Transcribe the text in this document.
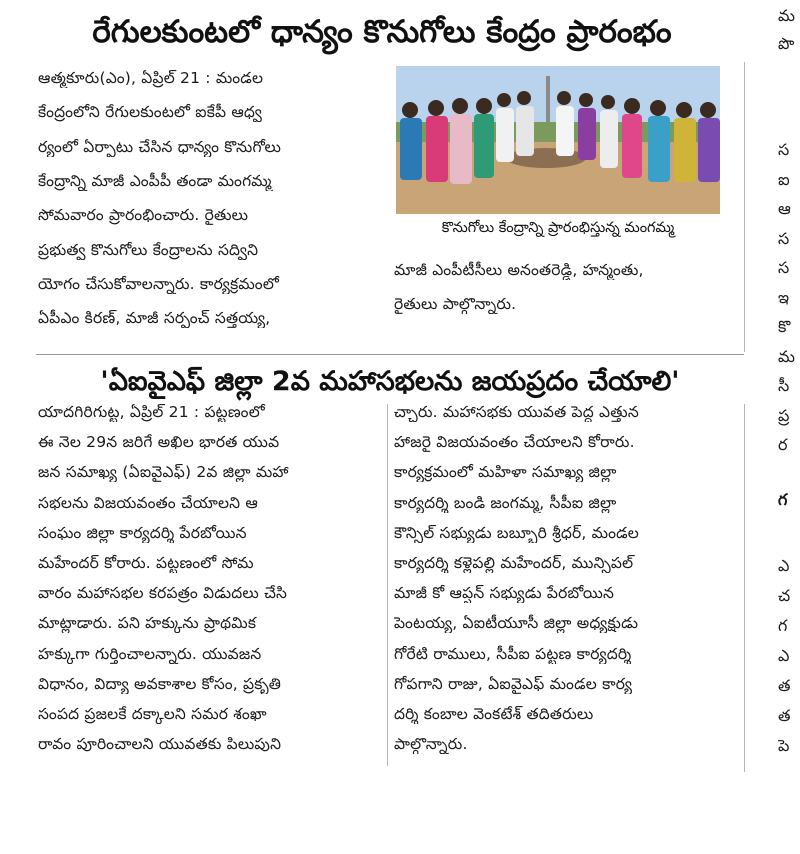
రేగులకుంటలో ధాన్యం కొనుగోలు కేంద్రం ప్రారంభం
ఆత్మకూరు(ఎం), ఏప్రిల్ 21 : మండల
కేంద్రంలోని రేగులకుంటలో ఐకేపీ ఆధ్వ
ర్యంలో ఏర్పాటు చేసిన ధాన్యం కొనుగోలు
కేంద్రాన్ని మాజీ ఎంపీపీ తండా మంగమ్మ
సోమవారం ప్రారంభించారు. రైతులు
ప్రభుత్వ కొనుగోలు కేంద్రాలను సద్విని
యోగం చేసుకోవాలన్నారు. కార్యక్రమంలో
ఏపీఎం కిరణ్, మాజీ సర్పంచ్ సత్తయ్య,
కొనుగోలు కేంద్రాన్ని ప్రారంభిస్తున్న మంగమ్మ
మాజీ ఎంపీటీసీలు అనంతరెడ్డి, హన్మంతు,
రైతులు పాల్గొన్నారు.
'ఏఐవైఎఫ్ జిల్లా 2వ మహాసభలను జయప్రదం చేయాలి'
యాదగిరిగుట్ట, ఏప్రిల్ 21 : పట్టణంలో
ఈ నెల 29న జరిగే అఖిల భారత యువ
జన సమాఖ్య (ఏఐవైఎఫ్) 2వ జిల్లా మహా
సభలను విజయవంతం చేయాలని ఆ
సంఘం జిల్లా కార్యదర్శి పేరబోయిన
మహేందర్ కోరారు. పట్టణంలో సోమ
వారం మహాసభల కరపత్రం విడుదలు చేసి
మాట్లాడారు. పని హక్కును ప్రాథమిక
హక్కుగా గుర్తించాలన్నారు. యువజన
విధానం, విద్యా అవకాశాల కోసం, ప్రకృతి
సంపద ప్రజలకే దక్కాలని సమర శంఖా
రావం పూరించాలని యువతకు పిలుపుని
చ్చారు. మహాసభకు యువత పెద్ద ఎత్తున
హాజరై విజయవంతం చేయాలని కోరారు.
కార్యక్రమంలో మహిళా సమాఖ్య జిల్లా
కార్యదర్శి బండి జంగమ్మ, సీపీఐ జిల్లా
కౌన్సిల్ సభ్యుడు బబ్బూరి శ్రీధర్, మండల
కార్యదర్శి కళ్లెపల్లి మహేందర్, మున్సిపల్
మాజీ కో ఆప్షన్ సభ్యుడు పేరబోయిన
పెంటయ్య, ఏఐటీయూసీ జిల్లా అధ్యక్షుడు
గోరేటి రాములు, సీపీఐ పట్టణ కార్యదర్శి
గోపగాని రాజు, ఏఐవైఎఫ్ మండల కార్య
దర్శి కంబాల వెంకటేశ్ తదితరులు
పాల్గొన్నారు.
మ
పొ
స
ఐ
ఆ
స
స
ఇ
కొ
మ
సీ
ప్ర
ర
గ
ఎ
చ
గ
ఎ
త
త
పె
